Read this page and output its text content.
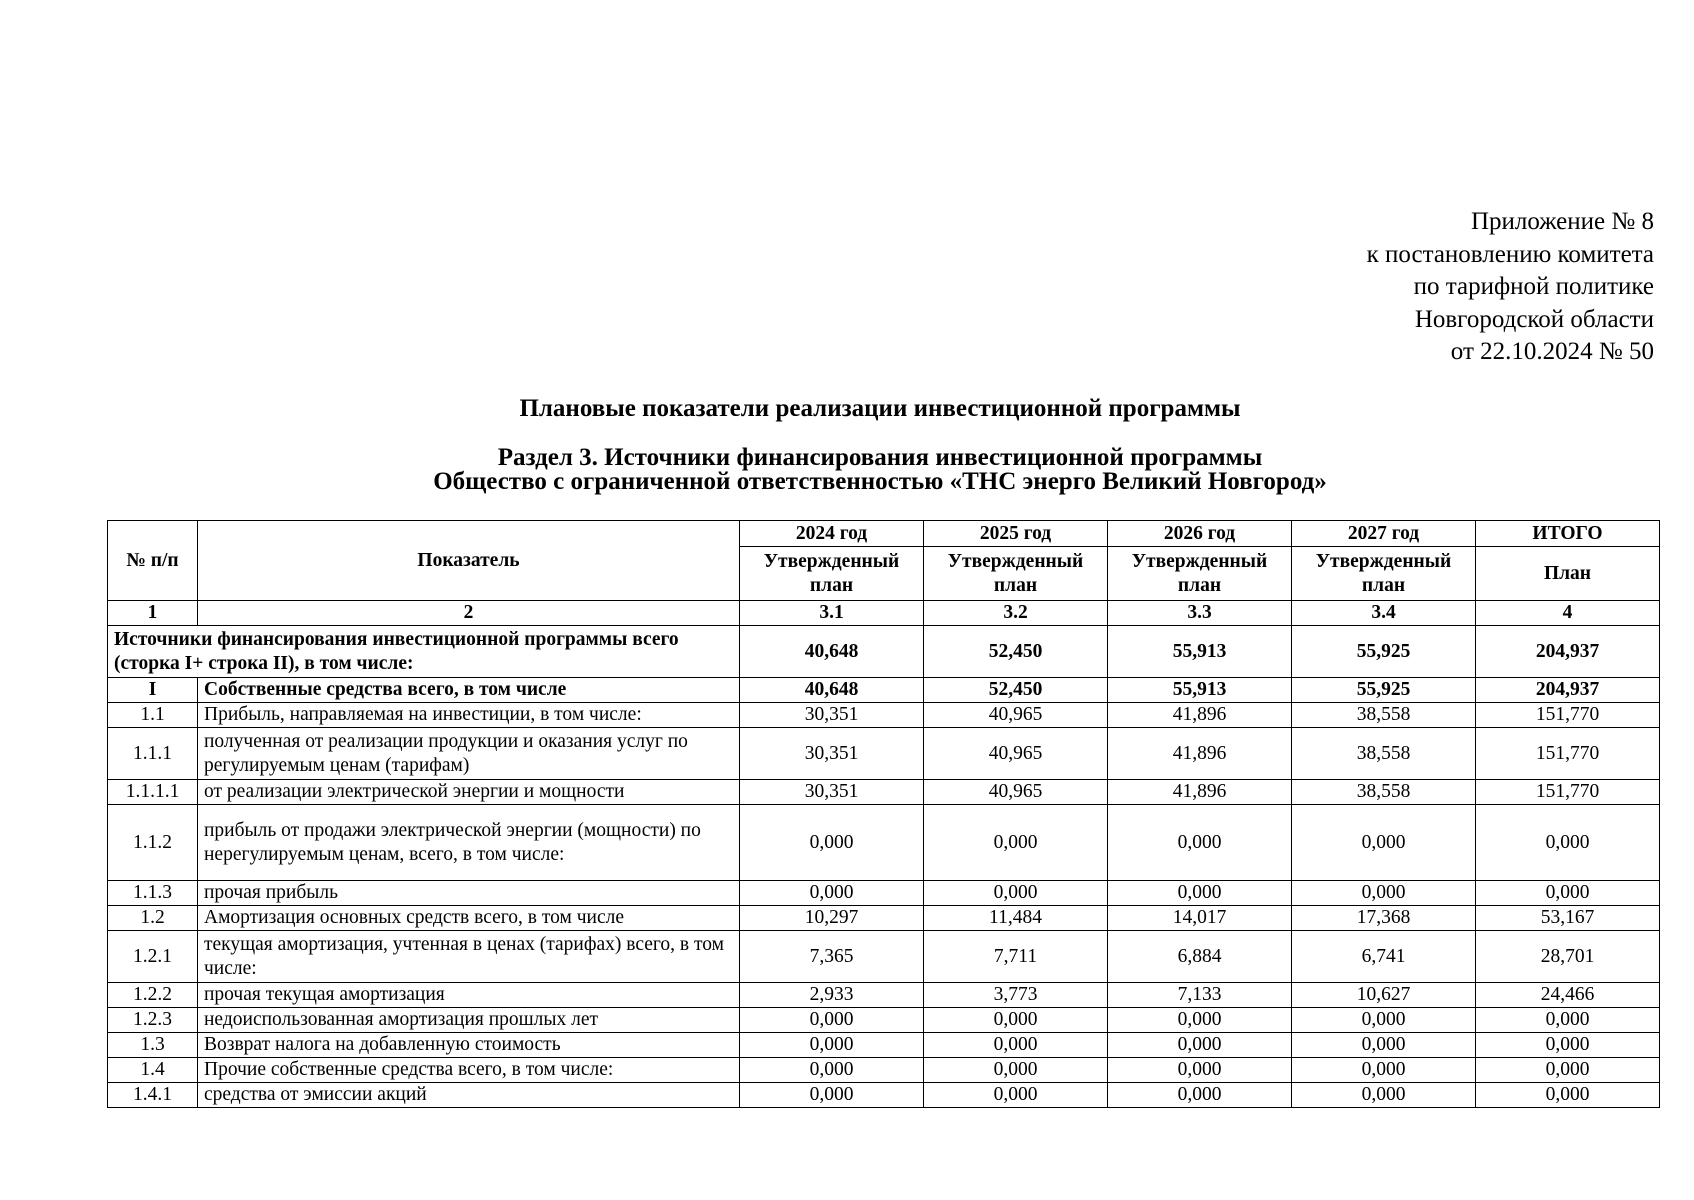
Приложение № 8
к постановлению комитета
по тарифной политике
Новгородской области
от 22.10.2024 № 50
Плановые показатели реализации инвестиционной программы
Раздел 3. Источники финансирования инвестиционной программы
Общество с ограниченной ответственностью «ТНС энерго Великий Новгород»
№ п/п	Показатель	2024 год	2025 год	2026 год	2027 год	ИТОГО
		Утвержденный план	Утвержденный план	Утвержденный план	Утвержденный план	План
1	2	3.1	3.2	3.3	3.4	4
Источники финансирования инвестиционной программы всего (сторка I+ строка II), в том числе:		40,648	52,450	55,913	55,925	204,937
I	Собственные средства всего, в том числе	40,648	52,450	55,913	55,925	204,937
1.1	Прибыль, направляемая на инвестиции, в том числе:	30,351	40,965	41,896	38,558	151,770
1.1.1	полученная от реализации продукции и оказания услуг по регулируемым ценам (тарифам)	30,351	40,965	41,896	38,558	151,770
1.1.1.1	от реализации электрической энергии и мощности	30,351	40,965	41,896	38,558	151,770
1.1.2	прибыль от продажи электрической энергии (мощности) по нерегулируемым ценам, всего, в том числе:	0,000	0,000	0,000	0,000	0,000
1.1.3	прочая прибыль	0,000	0,000	0,000	0,000	0,000
1.2	Амортизация основных средств всего, в том числе	10,297	11,484	14,017	17,368	53,167
1.2.1	текущая амортизация, учтенная в ценах (тарифах) всего, в том числе:	7,365	7,711	6,884	6,741	28,701
1.2.2	прочая текущая амортизация	2,933	3,773	7,133	10,627	24,466
1.2.3	недоиспользованная амортизация прошлых лет	0,000	0,000	0,000	0,000	0,000
1.3	Возврат налога на добавленную стоимость	0,000	0,000	0,000	0,000	0,000
1.4	Прочие собственные средства всего, в том числе:	0,000	0,000	0,000	0,000	0,000
1.4.1	средства от эмиссии акций	0,000	0,000	0,000	0,000	0,000
